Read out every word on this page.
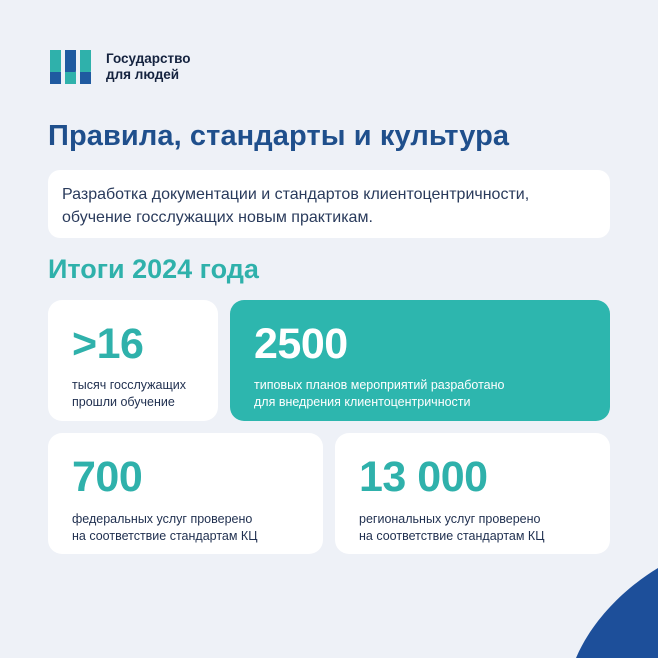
Государство
для людей
Правила, стандарты и культура
Разработка документации и стандартов клиентоцентричности,
обучение госслужащих новым практикам.
Итоги 2024 года
>16
тысяч госслужащих
прошли обучение
2500
типовых планов мероприятий разработано
для внедрения клиентоцентричности
700
федеральных услуг проверено
на соответствие стандартам КЦ
13 000
региональных услуг проверено
на соответствие стандартам КЦ
